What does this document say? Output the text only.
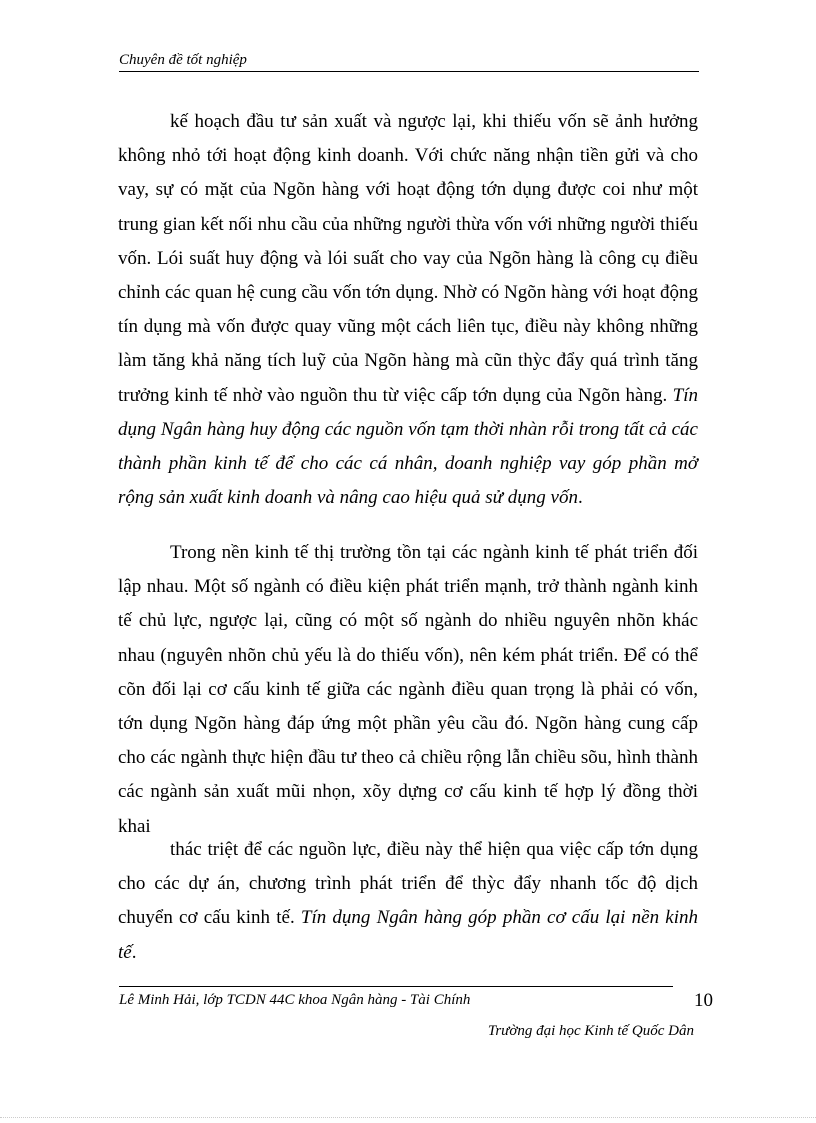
Chuyên đề tốt nghiệp

kế hoạch đầu tư sản xuất và ngược lại, khi thiếu vốn sẽ ảnh hưởng không nhỏ tới hoạt động kinh doanh. Với chức năng nhận tiền gửi và cho vay, sự có mặt của Ngõn hàng với hoạt động tớn dụng được coi như một trung gian kết nối nhu cầu của những người thừa vốn với những người thiếu vốn. Lói suất huy động và lói suất cho vay của Ngõn hàng là công cụ điều chỉnh các quan hệ cung cầu vốn tớn dụng. Nhờ có Ngõn hàng với hoạt động tín dụng mà vốn được quay vũng một cách liên tục, điều này không những làm tăng khả năng tích luỹ của Ngõn hàng mà cũn thỳc đẩy quá trình tăng trưởng kinh tế nhờ vào nguồn thu từ việc cấp tớn dụng của Ngõn hàng. Tín dụng Ngân hàng huy động các nguồn vốn tạm thời nhàn rỗi trong tất cả các thành phần kinh tế để cho các cá nhân, doanh nghiệp vay góp phần mở rộng sản xuất kinh doanh và nâng cao hiệu quả sử dụng vốn.

Trong nền kinh tế thị trường tồn tại các ngành kinh tế phát triển đối lập nhau. Một số ngành có điều kiện phát triển mạnh, trở thành ngành kinh tế chủ lực, ngược lại, cũng có một số ngành do nhiều nguyên nhõn khác nhau (nguyên nhõn chủ yếu là do thiếu vốn), nên kém phát triển. Để có thể cõn đối lại cơ cấu kinh tế giữa các ngành điều quan trọng là phải có vốn, tớn dụng Ngõn hàng đáp ứng một phần yêu cầu đó. Ngõn hàng cung cấp cho các ngành thực hiện đầu tư theo cả chiều rộng lẫn chiều sõu, hình thành các ngành sản xuất mũi nhọn, xõy dựng cơ cấu kinh tế hợp lý đồng thời khai

thác triệt để các nguồn lực, điều này thể hiện qua việc cấp tớn dụng cho các dự án, chương trình phát triển để thỳc đẩy nhanh tốc độ dịch chuyển cơ cấu kinh tế. Tín dụng Ngân hàng góp phần cơ cấu lại nền kinh tế.

Lê Minh Hải, lớp TCDN 44C khoa Ngân hàng - Tài Chính	10
Trường đại học Kinh tế Quốc Dân
